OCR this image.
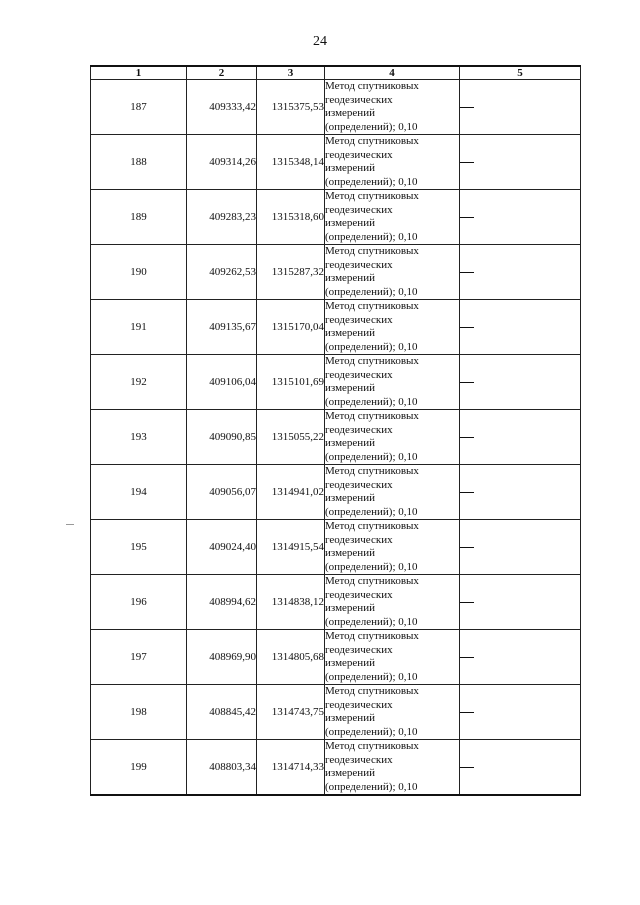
24
1	2	3	4	5
187	409333,42	1315375,53	Метод спутниковых
геодезических
измерений
(определений); 0,10	

188	409314,26	1315348,14	Метод спутниковых
геодезических
измерений
(определений); 0,10	

189	409283,23	1315318,60	Метод спутниковых
геодезических
измерений
(определений); 0,10	

190	409262,53	1315287,32	Метод спутниковых
геодезических
измерений
(определений); 0,10	

191	409135,67	1315170,04	Метод спутниковых
геодезических
измерений
(определений); 0,10	

192	409106,04	1315101,69	Метод спутниковых
геодезических
измерений
(определений); 0,10	

193	409090,85	1315055,22	Метод спутниковых
геодезических
измерений
(определений); 0,10	

194	409056,07	1314941,02	Метод спутниковых
геодезических
измерений
(определений); 0,10	

195	409024,40	1314915,54	Метод спутниковых
геодезических
измерений
(определений); 0,10	

196	408994,62	1314838,12	Метод спутниковых
геодезических
измерений
(определений); 0,10	

197	408969,90	1314805,68	Метод спутниковых
геодезических
измерений
(определений); 0,10	

198	408845,42	1314743,75	Метод спутниковых
геодезических
измерений
(определений); 0,10	

199	408803,34	1314714,33	Метод спутниковых
геодезических
измерений
(определений); 0,10	
